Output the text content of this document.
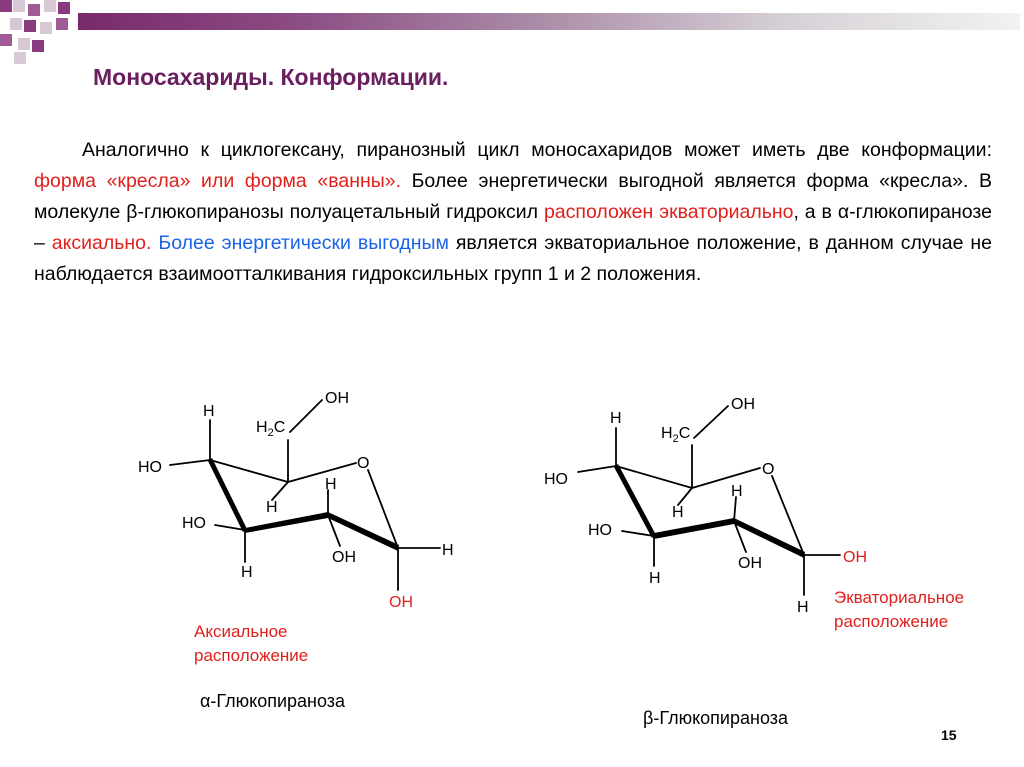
Моносахариды. Конформации.
Аналогично к циклогексану, пиранозный цикл моносахаридов может иметь две конформации: форма «кресла» или форма «ванны». Более энергетически выгодной является форма «кресла». В молекуле β-глюкопиранозы полуацетальный гидроксил расположен экваториально, а в α-глюкопиранозе – аксиально. Более энергетически выгодным является экваториальное положение, в данном случае не наблюдается взаимоотталкивания гидроксильных групп 1 и 2 положения.
OH
H
$H_2C$
O
HO
H
H
HO
H
OH
H
OH
OH
H
$H_2C$
O
HO
H
H
HO
OH
OH
H
H
Аксиальное
расположение
Экваториальное
расположение
α-Глюкопираноза
β-Глюкопираноза
15
